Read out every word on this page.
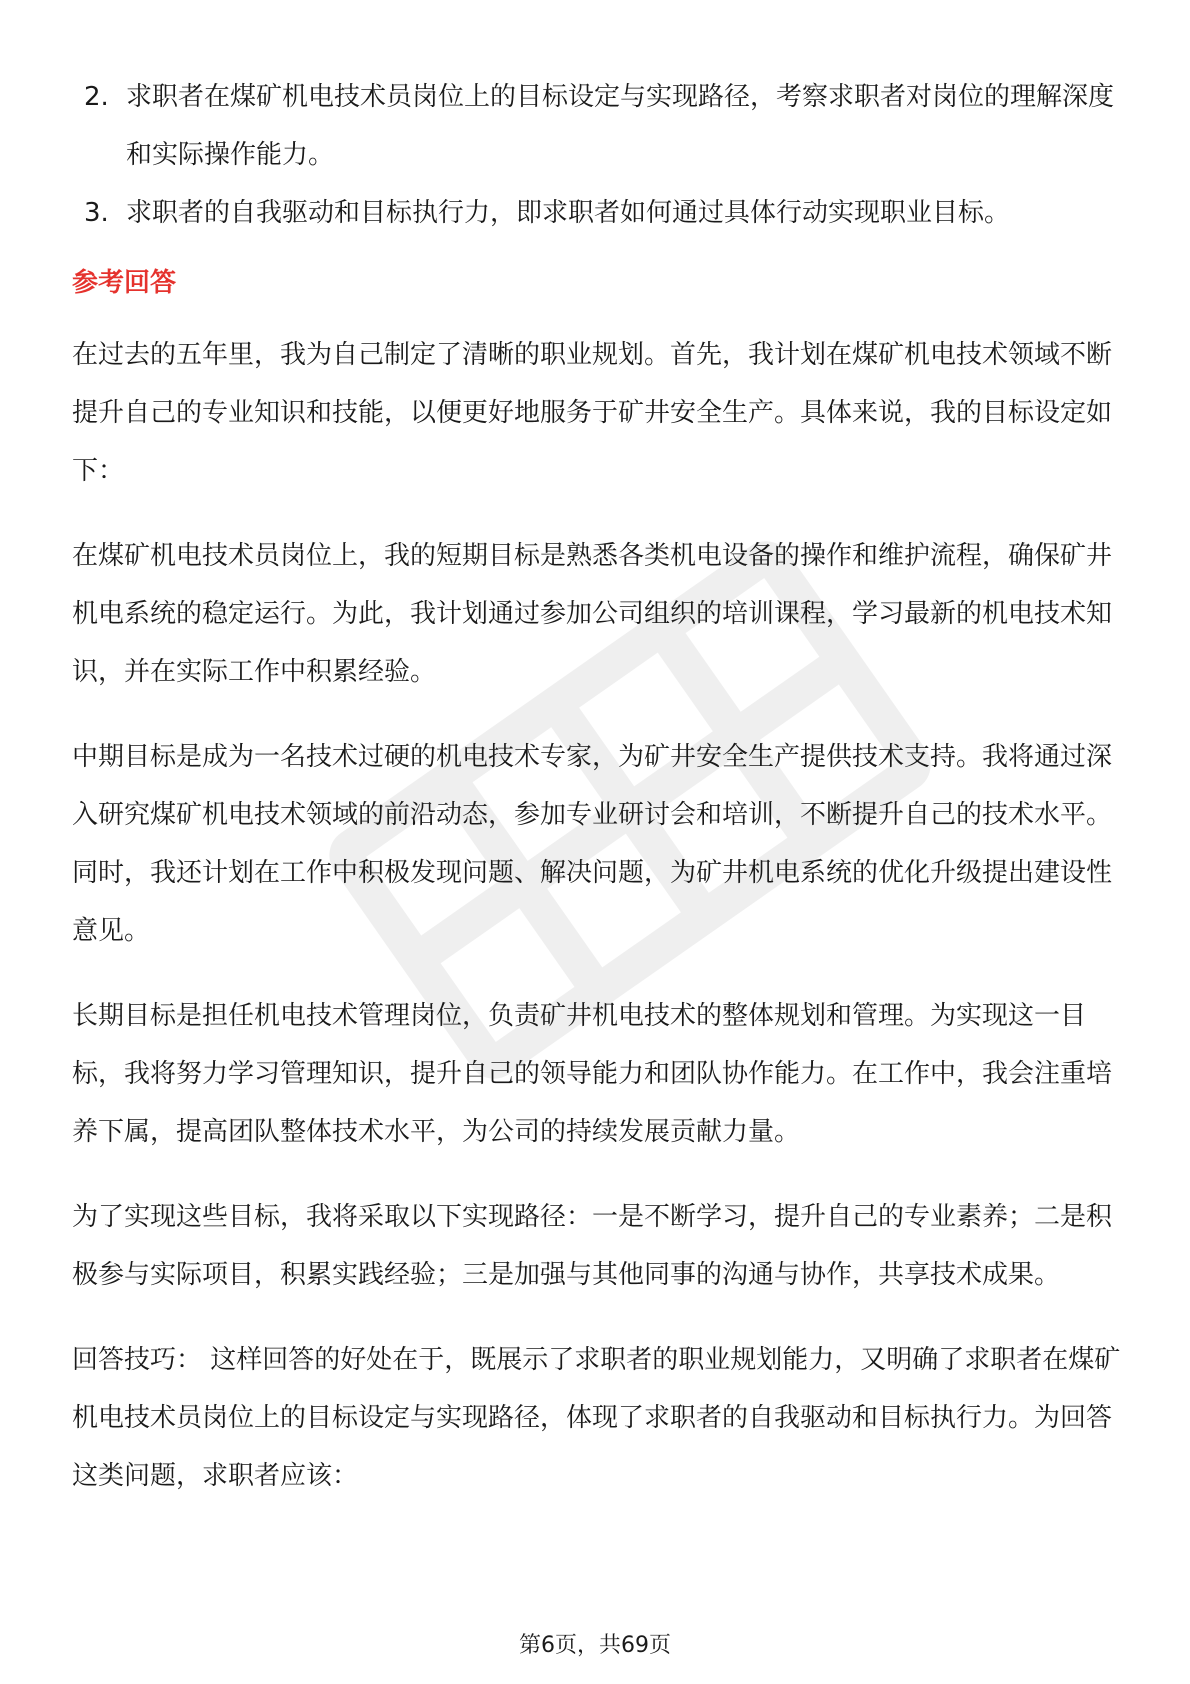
2. 求职者在煤矿机电技术员岗位上的目标设定与实现路径，考察求职者对岗位的理解深度和实际操作能力。
3. 求职者的自我驱动和目标执行力，即求职者如何通过具体行动实现职业目标。
参考回答

在过去的五年里，我为自己制定了清晰的职业规划。首先，我计划在煤矿机电技术领域不断提升自己的专业知识和技能，以便更好地服务于矿井安全生产。具体来说，我的目标设定如下：

在煤矿机电技术员岗位上，我的短期目标是熟悉各类机电设备的操作和维护流程，确保矿井机电系统的稳定运行。为此，我计划通过参加公司组织的培训课程，学习最新的机电技术知识，并在实际工作中积累经验。

中期目标是成为一名技术过硬的机电技术专家，为矿井安全生产提供技术支持。我将通过深入研究煤矿机电技术领域的前沿动态，参加专业研讨会和培训，不断提升自己的技术水平。同时，我还计划在工作中积极发现问题、解决问题，为矿井机电系统的优化升级提出建设性意见。

长期目标是担任机电技术管理岗位，负责矿井机电技术的整体规划和管理。为实现这一目标，我将努力学习管理知识，提升自己的领导能力和团队协作能力。在工作中，我会注重培养下属，提高团队整体技术水平，为公司的持续发展贡献力量。

为了实现这些目标，我将采取以下实现路径：一是不断学习，提升自己的专业素养；二是积极参与实际项目，积累实践经验；三是加强与其他同事的沟通与协作，共享技术成果。

回答技巧： 这样回答的好处在于，既展示了求职者的职业规划能力，又明确了求职者在煤矿机电技术员岗位上的目标设定与实现路径，体现了求职者的自我驱动和目标执行力。为回答这类问题，求职者应该：

第6页，共69页
